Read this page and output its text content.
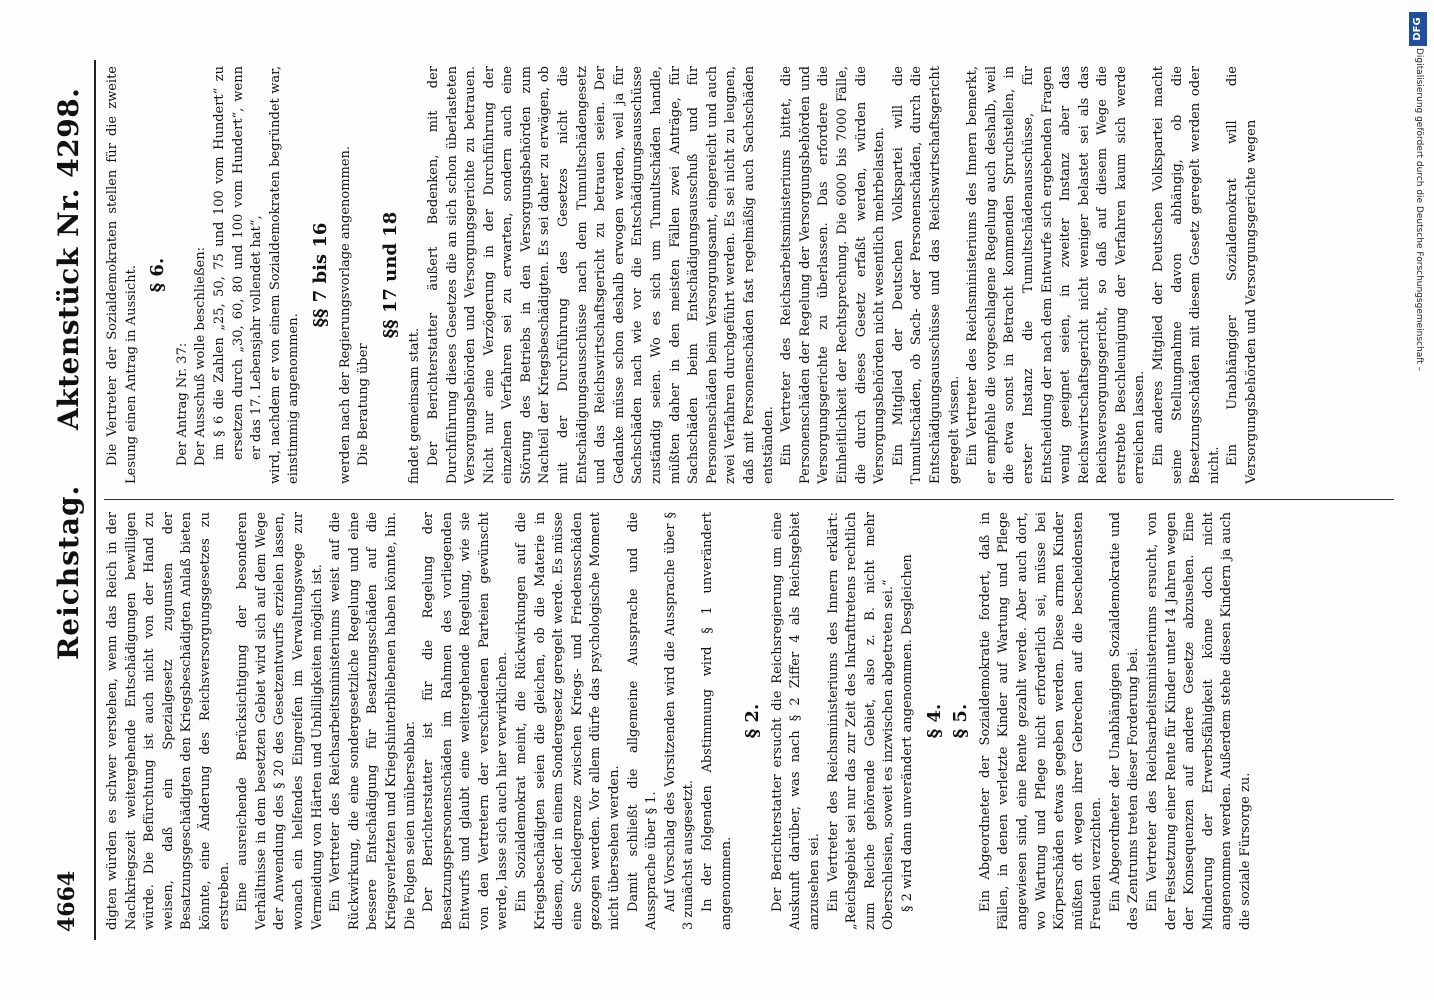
4664
Reichstag.
Aktenstück Nr. 4298.

digten würden es schwer verstehen, wenn das Reich in der Nachkriegszeit weitergehende Entschädigungen bewilligen würde. Die Befürchtung ist auch nicht von der Hand zu weisen, daß ein Spezialgesetz zugunsten der Besatzungsgeschädigten den Kriegsbeschädigten Anlaß bieten könnte, eine Änderung des Reichsversorgungsgesetzes zu erstreben. Eine ausreichende Berücksichtigung der besonderen Verhältnisse in dem besetzten Gebiet wird sich auf dem Wege der Anwendung des § 20 des Gesetzentwurfs erzielen lassen, wonach ein helfendes Eingreifen im Verwaltungswege zur Vermeidung von Härten und Unbilligkeiten möglich ist. Ein Vertreter des Reichsarbeitsministeriums weist auf die Rückwirkung, die eine sondergesetzliche Regelung und eine bessere Entschädigung für Besatzungsschäden auf die Kriegsverletzten und Kriegshinterbliebenen haben könnte, hin. Die Folgen seien unübersehbar. Der Berichterstatter ist für die Regelung der Besatzungspersonenschäden im Rahmen des vorliegenden Entwurfs und glaubt eine weitergehende Regelung, wie sie von den Vertretern der verschiedenen Parteien gewünscht werde, lasse sich auch hier verwirklichen. Ein Sozialdemokrat meint, die Rückwirkungen auf die Kriegsbeschädigten seien die gleichen, ob die Materie in diesem, oder in einem Sondergesetz geregelt werde. Es müsse eine Scheidegrenze zwischen Kriegs- und Friedensschäden gezogen werden. Vor allem dürfe das psychologische Moment nicht übersehen werden. Damit schließt die allgemeine Aussprache und die Aussprache über § 1. Auf Vorschlag des Vorsitzenden wird die Aussprache über § 3 zunächst ausgesetzt. In der folgenden Abstimmung wird § 1 unverändert angenommen.

§ 2. Der Berichterstatter ersucht die Reichsregierung um eine Auskunft darüber, was nach § 2 Ziffer 4 als Reichsgebiet anzusehen sei. Ein Vertreter des Reichsministeriums des Innern erklärt: „Reichsgebiet sei nur das zur Zeit des Inkrafttretens rechtlich zum Reiche gehörende Gebiet, also z. B. nicht mehr Oberschlesien, soweit es inzwischen abgetreten sei.“ § 2 wird dann unverändert angenommen. Desgleichen § 4. § 5. Ein Abgeordneter der Sozialdemokratie fordert, daß in Fällen, in denen verletzte Kinder auf Wartung und Pflege angewiesen sind, eine Rente gezahlt werde. Aber auch dort, wo Wartung und Pflege nicht erforderlich sei, müsse bei Körperschäden etwas gegeben werden. Diese armen Kinder müßten oft wegen ihrer Gebrechen auf die bescheidensten Freuden verzichten. Ein Abgeordneter der Unabhängigen Sozialdemokratie und des Zentrums treten dieser Forderung bei. Ein Vertreter des Reichsarbeitsministeriums ersucht, von der Festsetzung einer Rente für Kinder unter 14 Jahren wegen der Konsequenzen auf andere Gesetze abzusehen. Eine Minderung der Erwerbsfähigkeit könne doch nicht angenommen werden. Außerdem stehe diesen Kindern ja auch die soziale Fürsorge zu.

Die Vertreter der Sozialdemokraten stellen für die zweite Lesung einen Antrag in Aussicht. § 6.

Der Antrag Nr. 37: Der Ausschuß wolle beschließen: im § 6 die Zahlen „25, 50, 75 und 100 vom Hundert“ zu ersetzen durch „30, 60, 80 und 100 vom Hundert“, wenn er das 17. Lebensjahr vollendet hat“, wird, nachdem er von einem Sozialdemokraten begründet war, einstimmig angenommen.

§§ 7 bis 16 werden nach der Regierungsvorlage angenommen. Die Beratung über

§§ 17 und 18

findet gemeinsam statt. Der Berichterstatter äußert Bedenken, mit der Durchführung dieses Gesetzes die an sich schon überlasteten Versorgungsbehörden und Versorgungsgerichte zu betrauen. Nicht nur eine Verzögerung in der Durchführung der einzelnen Verfahren sei zu erwarten, sondern auch eine Störung des Betriebs in den Versorgungsbehörden zum Nachteil der Kriegsbeschädigten. Es sei daher zu erwägen, ob mit der Durchführung des Gesetzes nicht die Entschädigungsausschüsse nach dem Tumultschädengesetz und das Reichswirtschaftsgericht zu betrauen seien. Der Gedanke müsse schon deshalb erwogen werden, weil ja für Sachschäden nach wie vor die Entschädigungsausschüsse zuständig seien. Wo es sich um Tumultschäden handle, müßten daher in den meisten Fällen zwei Anträge, für Sachschäden beim Entschädigungsausschuß und für Personenschäden beim Versorgungsamt, eingereicht und auch zwei Verfahren durchgeführt werden. Es sei nicht zu leugnen, daß mit Personenschäden fast regelmäßig auch Sachschäden entständen. Ein Vertreter des Reichsarbeitsministeriums bittet, die Personenschäden der Regelung der Versorgungsbehörden und Versorgungsgerichte zu überlassen. Das erfordere die Einheitlichkeit der Rechtsprechung. Die 6000 bis 7000 Fälle, die durch dieses Gesetz erfaßt werden, würden die Versorgungsbehörden nicht wesentlich mehrbelasten. Ein Mitglied der Deutschen Volkspartei will die Tumultschäden, ob Sach- oder Personenschäden, durch die Entschädigungsausschüsse und das Reichswirtschaftsgericht geregelt wissen. Ein Vertreter des Reichsministeriums des Innern bemerkt, er empfehle die vorgeschlagene Regelung auch deshalb, weil die etwa sonst in Betracht kommenden Spruchstellen, in erster Instanz die Tumultschädenausschüsse, für Entscheidung der nach dem Entwurfe sich ergebenden Fragen wenig geeignet seien, in zweiter Instanz aber das Reichswirtschaftsgericht nicht weniger belastet sei als das Reichsversorgungsgericht, so daß auf diesem Wege die erstrebte Beschleunigung der Verfahren kaum sich werde erreichen lassen. Ein anderes Mitglied der Deutschen Volkspartei macht seine Stellungnahme davon abhängig, ob die Besetzungsschäden mit diesem Gesetz geregelt werden oder nicht. Ein Unabhängiger Sozialdemokrat will die Versorgungsbehörden und Versorgungsgerichte wegen

DFG
Digitalisierung gefördert durch die Deutsche Forschungsgemeinschaft –
